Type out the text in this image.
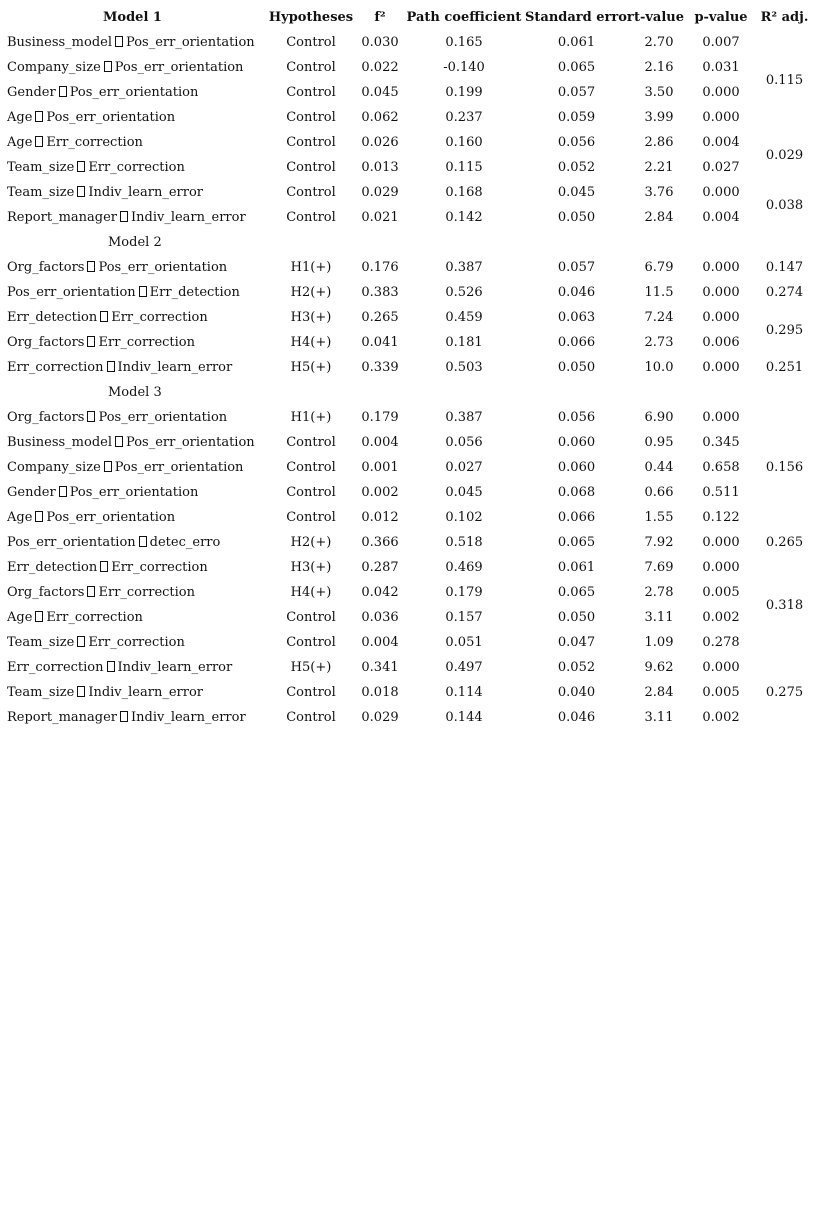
Model 1	Hypotheses	f²	Path coefficient	Standard error	t-value	p-value	R² adj.
Business_model Pos_err_orientation	Control	0.030	0.165	0.061	2.70	0.007	0.115
Company_size Pos_err_orientation	Control	0.022	-0.140	0.065	2.16	0.031	
Gender Pos_err_orientation	Control	0.045	0.199	0.057	3.50	0.000	
Age Pos_err_orientation	Control	0.062	0.237	0.059	3.99	0.000	
Age Err_correction	Control	0.026	0.160	0.056	2.86	0.004	0.029
Team_size Err_correction	Control	0.013	0.115	0.052	2.21	0.027	
Team_size Indiv_learn_error	Control	0.029	0.168	0.045	3.76	0.000	0.038
Report_manager Indiv_learn_error	Control	0.021	0.142	0.050	2.84	0.004	
Model 2							
Org_factors Pos_err_orientation	H1(+)	0.176	0.387	0.057	6.79	0.000	0.147
Pos_err_orientation Err_detection	H2(+)	0.383	0.526	0.046	11.5	0.000	0.274
Err_detection Err_correction	H3(+)	0.265	0.459	0.063	7.24	0.000	0.295
Org_factors Err_correction	H4(+)	0.041	0.181	0.066	2.73	0.006	
Err_correction Indiv_learn_error	H5(+)	0.339	0.503	0.050	10.0	0.000	0.251
Model 3							
Org_factors Pos_err_orientation	H1(+)	0.179	0.387	0.056	6.90	0.000	0.156
Business_model Pos_err_orientation	Control	0.004	0.056	0.060	0.95	0.345	
Company_size Pos_err_orientation	Control	0.001	0.027	0.060	0.44	0.658	
Gender Pos_err_orientation	Control	0.002	0.045	0.068	0.66	0.511	
Age Pos_err_orientation	Control	0.012	0.102	0.066	1.55	0.122	
Pos_err_orientation detec_erro	H2(+)	0.366	0.518	0.065	7.92	0.000	0.265
Err_detection Err_correction	H3(+)	0.287	0.469	0.061	7.69	0.000	0.318
Org_factors Err_correction	H4(+)	0.042	0.179	0.065	2.78	0.005	
Age Err_correction	Control	0.036	0.157	0.050	3.11	0.002	
Team_size Err_correction	Control	0.004	0.051	0.047	1.09	0.278	
Err_correction Indiv_learn_error	H5(+)	0.341	0.497	0.052	9.62	0.000	0.275
Team_size Indiv_learn_error	Control	0.018	0.114	0.040	2.84	0.005	
Report_manager Indiv_learn_error	Control	0.029	0.144	0.046	3.11	0.002	
